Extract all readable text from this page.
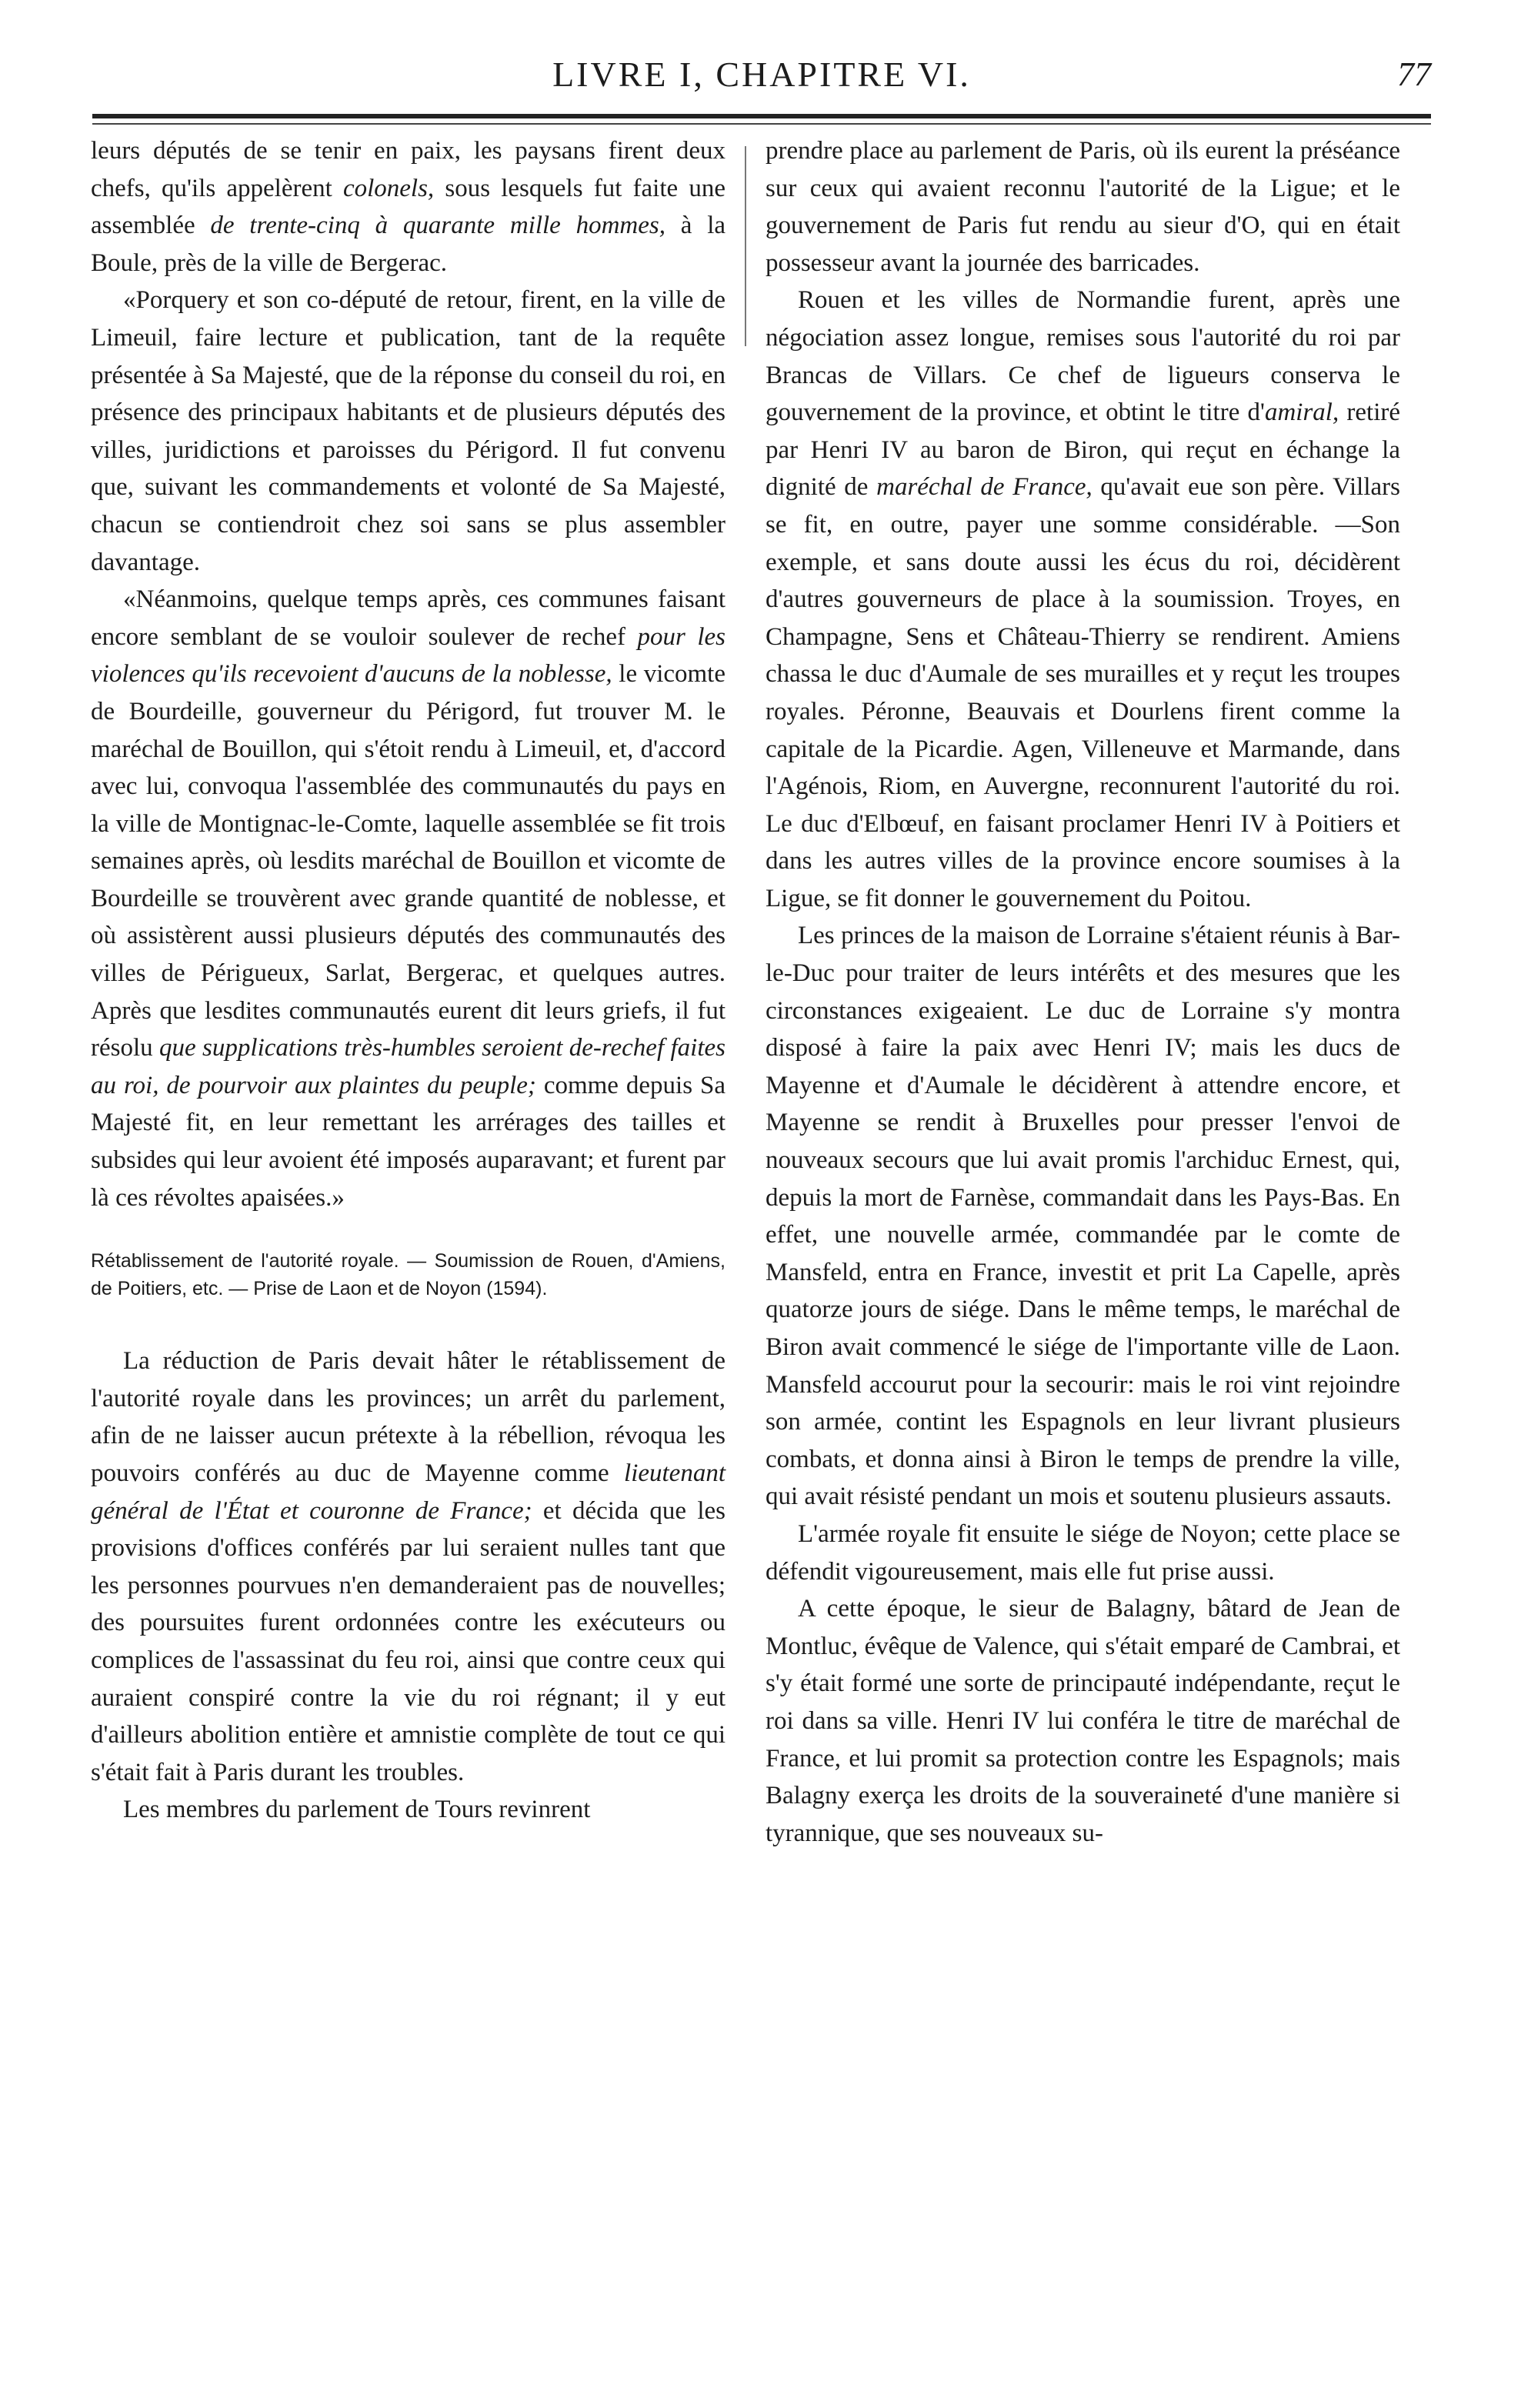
LIVRE I, CHAPITRE VI.	77

leurs députés de se tenir en paix, les paysans firent deux chefs, qu'ils appelèrent colonels, sous lesquels fut faite une assemblée de trente-cinq à quarante mille hommes, à la Boule, près de la ville de Bergerac.

«Porquery et son co-député de retour, firent, en la ville de Limeuil, faire lecture et publication, tant de la requête présentée à Sa Majesté, que de la réponse du conseil du roi, en présence des principaux habitants et de plusieurs députés des villes, juridictions et paroisses du Périgord. Il fut convenu que, suivant les commandements et volonté de Sa Majesté, chacun se contiendroit chez soi sans se plus assembler davantage.

«Néanmoins, quelque temps après, ces communes faisant encore semblant de se vouloir soulever de rechef pour les violences qu'ils recevoient d'aucuns de la noblesse, le vicomte de Bourdeille, gouverneur du Périgord, fut trouver M. le maréchal de Bouillon, qui s'étoit rendu à Limeuil, et, d'accord avec lui, convoqua l'assemblée des communautés du pays en la ville de Montignac-le-Comte, laquelle assemblée se fit trois semaines après, où lesdits maréchal de Bouillon et vicomte de Bourdeille se trouvèrent avec grande quantité de noblesse, et où assistèrent aussi plusieurs députés des communautés des villes de Périgueux, Sarlat, Bergerac, et quelques autres. Après que lesdites communautés eurent dit leurs griefs, il fut résolu que supplications très-humbles seroient de-rechef faites au roi, de pourvoir aux plaintes du peuple; comme depuis Sa Majesté fit, en leur remettant les arrérages des tailles et subsides qui leur avoient été imposés auparavant; et furent par là ces révoltes apaisées.»

Rétablissement de l'autorité royale. — Soumission de Rouen, d'Amiens, de Poitiers, etc. — Prise de Laon et de Noyon (1594).

La réduction de Paris devait hâter le rétablissement de l'autorité royale dans les provinces; un arrêt du parlement, afin de ne laisser aucun prétexte à la rébellion, révoqua les pouvoirs conférés au duc de Mayenne comme lieutenant général de l'État et couronne de France; et décida que les provisions d'offices conférés par lui seraient nulles tant que les personnes pourvues n'en demanderaient pas de nouvelles; des poursuites furent ordonnées contre les exécuteurs ou complices de l'assassinat du feu roi, ainsi que contre ceux qui auraient conspiré contre la vie du roi régnant; il y eut d'ailleurs abolition entière et amnistie complète de tout ce qui s'était fait à Paris durant les troubles.

Les membres du parlement de Tours revinrent

prendre place au parlement de Paris, où ils eurent la préséance sur ceux qui avaient reconnu l'autorité de la Ligue; et le gouvernement de Paris fut rendu au sieur d'O, qui en était possesseur avant la journée des barricades.

Rouen et les villes de Normandie furent, après une négociation assez longue, remises sous l'autorité du roi par Brancas de Villars. Ce chef de ligueurs conserva le gouvernement de la province, et obtint le titre d'amiral, retiré par Henri IV au baron de Biron, qui reçut en échange la dignité de maréchal de France, qu'avait eue son père. Villars se fit, en outre, payer une somme considérable. —Son exemple, et sans doute aussi les écus du roi, décidèrent d'autres gouverneurs de place à la soumission. Troyes, en Champagne, Sens et Château-Thierry se rendirent. Amiens chassa le duc d'Aumale de ses murailles et y reçut les troupes royales. Péronne, Beauvais et Dourlens firent comme la capitale de la Picardie. Agen, Villeneuve et Marmande, dans l'Agénois, Riom, en Auvergne, reconnurent l'autorité du roi. Le duc d'Elbœuf, en faisant proclamer Henri IV à Poitiers et dans les autres villes de la province encore soumises à la Ligue, se fit donner le gouvernement du Poitou.

Les princes de la maison de Lorraine s'étaient réunis à Bar-le-Duc pour traiter de leurs intérêts et des mesures que les circonstances exigeaient. Le duc de Lorraine s'y montra disposé à faire la paix avec Henri IV; mais les ducs de Mayenne et d'Aumale le décidèrent à attendre encore, et Mayenne se rendit à Bruxelles pour presser l'envoi de nouveaux secours que lui avait promis l'archiduc Ernest, qui, depuis la mort de Farnèse, commandait dans les Pays-Bas. En effet, une nouvelle armée, commandée par le comte de Mansfeld, entra en France, investit et prit La Capelle, après quatorze jours de siége. Dans le même temps, le maréchal de Biron avait commencé le siége de l'importante ville de Laon. Mansfeld accourut pour la secourir: mais le roi vint rejoindre son armée, contint les Espagnols en leur livrant plusieurs combats, et donna ainsi à Biron le temps de prendre la ville, qui avait résisté pendant un mois et soutenu plusieurs assauts.

L'armée royale fit ensuite le siége de Noyon; cette place se défendit vigoureusement, mais elle fut prise aussi.

A cette époque, le sieur de Balagny, bâtard de Jean de Montluc, évêque de Valence, qui s'était emparé de Cambrai, et s'y était formé une sorte de principauté indépendante, reçut le roi dans sa ville. Henri IV lui conféra le titre de maréchal de France, et lui promit sa protection contre les Espagnols; mais Balagny exerça les droits de la souveraineté d'une manière si tyrannique, que ses nouveaux su-
